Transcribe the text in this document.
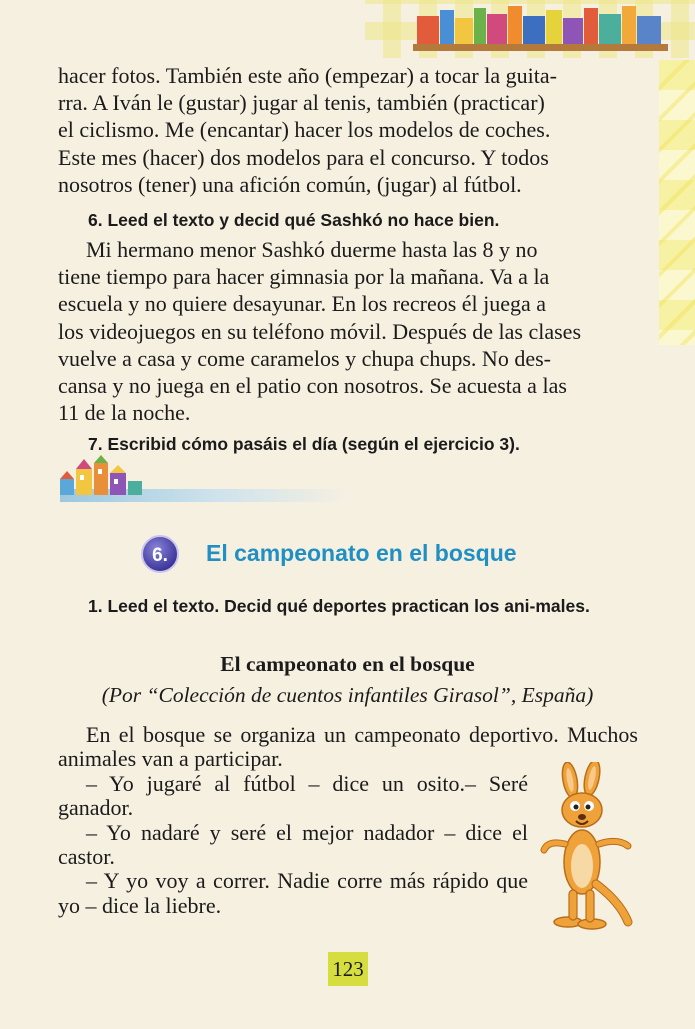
hacer fotos. También este año (empezar) a tocar la guita-
rra. A Iván le (gustar) jugar al tenis, también (practicar)
el ciclismo. Me (encantar) hacer los modelos de coches.
Este mes (hacer) dos modelos para el concurso. Y todos
nosotros (tener) una afición común, (jugar) al fútbol.

6. Leed el texto y decid qué Sashkó no hace bien.

Mi hermano menor Sashkó duerme hasta las 8 y no
tiene tiempo para hacer gimnasia por la mañana. Va a la
escuela y no quiere desayunar. En los recreos él juega a
los videojuegos en su teléfono móvil. Después de las clases
vuelve a casa y come caramelos y chupa chups. No des-
cansa y no juega en el patio con nosotros. Se acuesta a las
11 de la noche.

7. Escribid cómo pasáis el día (según el ejercicio 3).

6. El campeonato en el bosque

1. Leed el texto. Decid qué deportes practican los ani-males.

El campeonato en el bosque
(Por “Colección de cuentos infantiles Girasol”, España)

En el bosque se organiza un campeonato deportivo. Muchos animales van a participar.

– Yo jugaré al fútbol – dice un osito.– Seré ganador.

– Yo nadaré y seré el mejor nadador – dice el castor.

– Y yo voy a correr. Nadie corre más rápido que yo – dice la liebre.

123
